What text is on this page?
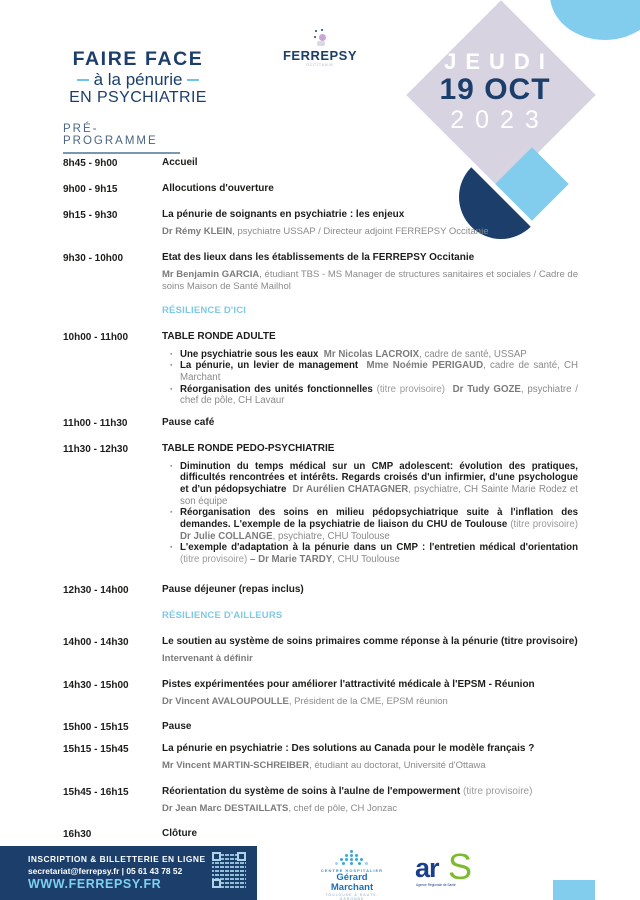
FAIRE FACE
à la pénurie
EN PSYCHIATRIE
PRÉ-PROGRAMME
FERREPSY
OCCITANIE	JEUDI
19 OCT
2023
8h45 - 9h00	Accueil
9h00 - 9h15	Allocutions d'ouverture
9h15 - 9h30	La pénurie de soignants en psychiatrie : les enjeux
Dr Rémy KLEIN, psychiatre USSAP / Directeur adjoint FERREPSY Occitanie
9h30 - 10h00	Etat des lieux dans les établissements de la FERREPSY Occitanie
Mr Benjamin GARCIA, étudiant TBS - MS Manager de structures sanitaires et sociales / Cadre de soins Maison de Santé Mailhol
RÉSILIENCE D'ICI
10h00 - 11h00	TABLE RONDE ADULTE
▪ Une psychiatrie sous les eaux Mr Nicolas LACROIX, cadre de santé, USSAP
▪ La pénurie, un levier de management Mme Noémie PERIGAUD, cadre de santé, CH Marchant
▪ Réorganisation des unités fonctionnelles (titre provisoire) Dr Tudy GOZE, psychiatre / chef de pôle, CH Lavaur
11h00 - 11h30	Pause café
11h30 - 12h30	TABLE RONDE PEDO-PSYCHIATRIE
▪ Diminution du temps médical sur un CMP adolescent: évolution des pratiques, difficultés rencontrées et intérêts. Regards croisés d'un infirmier, d'une psychologue et d'un pédopsychiatre Dr Aurélien CHATAGNER, psychiatre, CH Sainte Marie Rodez et son équipe
▪ Réorganisation des soins en milieu pédopsychiatrique suite à l'inflation des demandes. L'exemple de la psychiatrie de liaison du CHU de Toulouse (titre provisoire) Dr Julie COLLANGE, psychiatre, CHU Toulouse
▪ L'exemple d'adaptation à la pénurie dans un CMP : l'entretien médical d'orientation (titre provisoire) – Dr Marie TARDY, CHU Toulouse
12h30 - 14h00	Pause déjeuner (repas inclus)
RÉSILIENCE D'AILLEURS
14h00 - 14h30	Le soutien au système de soins primaires comme réponse à la pénurie (titre provisoire)
Intervenant à définir
14h30 - 15h00	Pistes expérimentées pour améliorer l'attractivité médicale à l'EPSM - Réunion
Dr Vincent AVALOUPOULLE, Président de la CME, EPSM réunion
15h00 - 15h15	Pause
15h15 - 15h45	La pénurie en psychiatrie : Des solutions au Canada pour le modèle français ?
Mr Vincent MARTIN-SCHREIBER, étudiant au doctorat, Université d'Ottawa
15h45 - 16h15	Réorientation du système de soins à l'aulne de l'empowerment (titre provisoire)
Dr Jean Marc DESTAILLATS, chef de pôle, CH Jonzac
16h30	Clôture
INSCRIPTION & BILLETTERIE EN LIGNE
secretariat@ferrepsy.fr | 05 61 43 78 52
WWW.FERREPSY.FR
CENTRE HOSPITALIER
Gérard Marchant
TOULOUSE & HAUTE-GARONNE
ar S
Agence Régionale de Santé
